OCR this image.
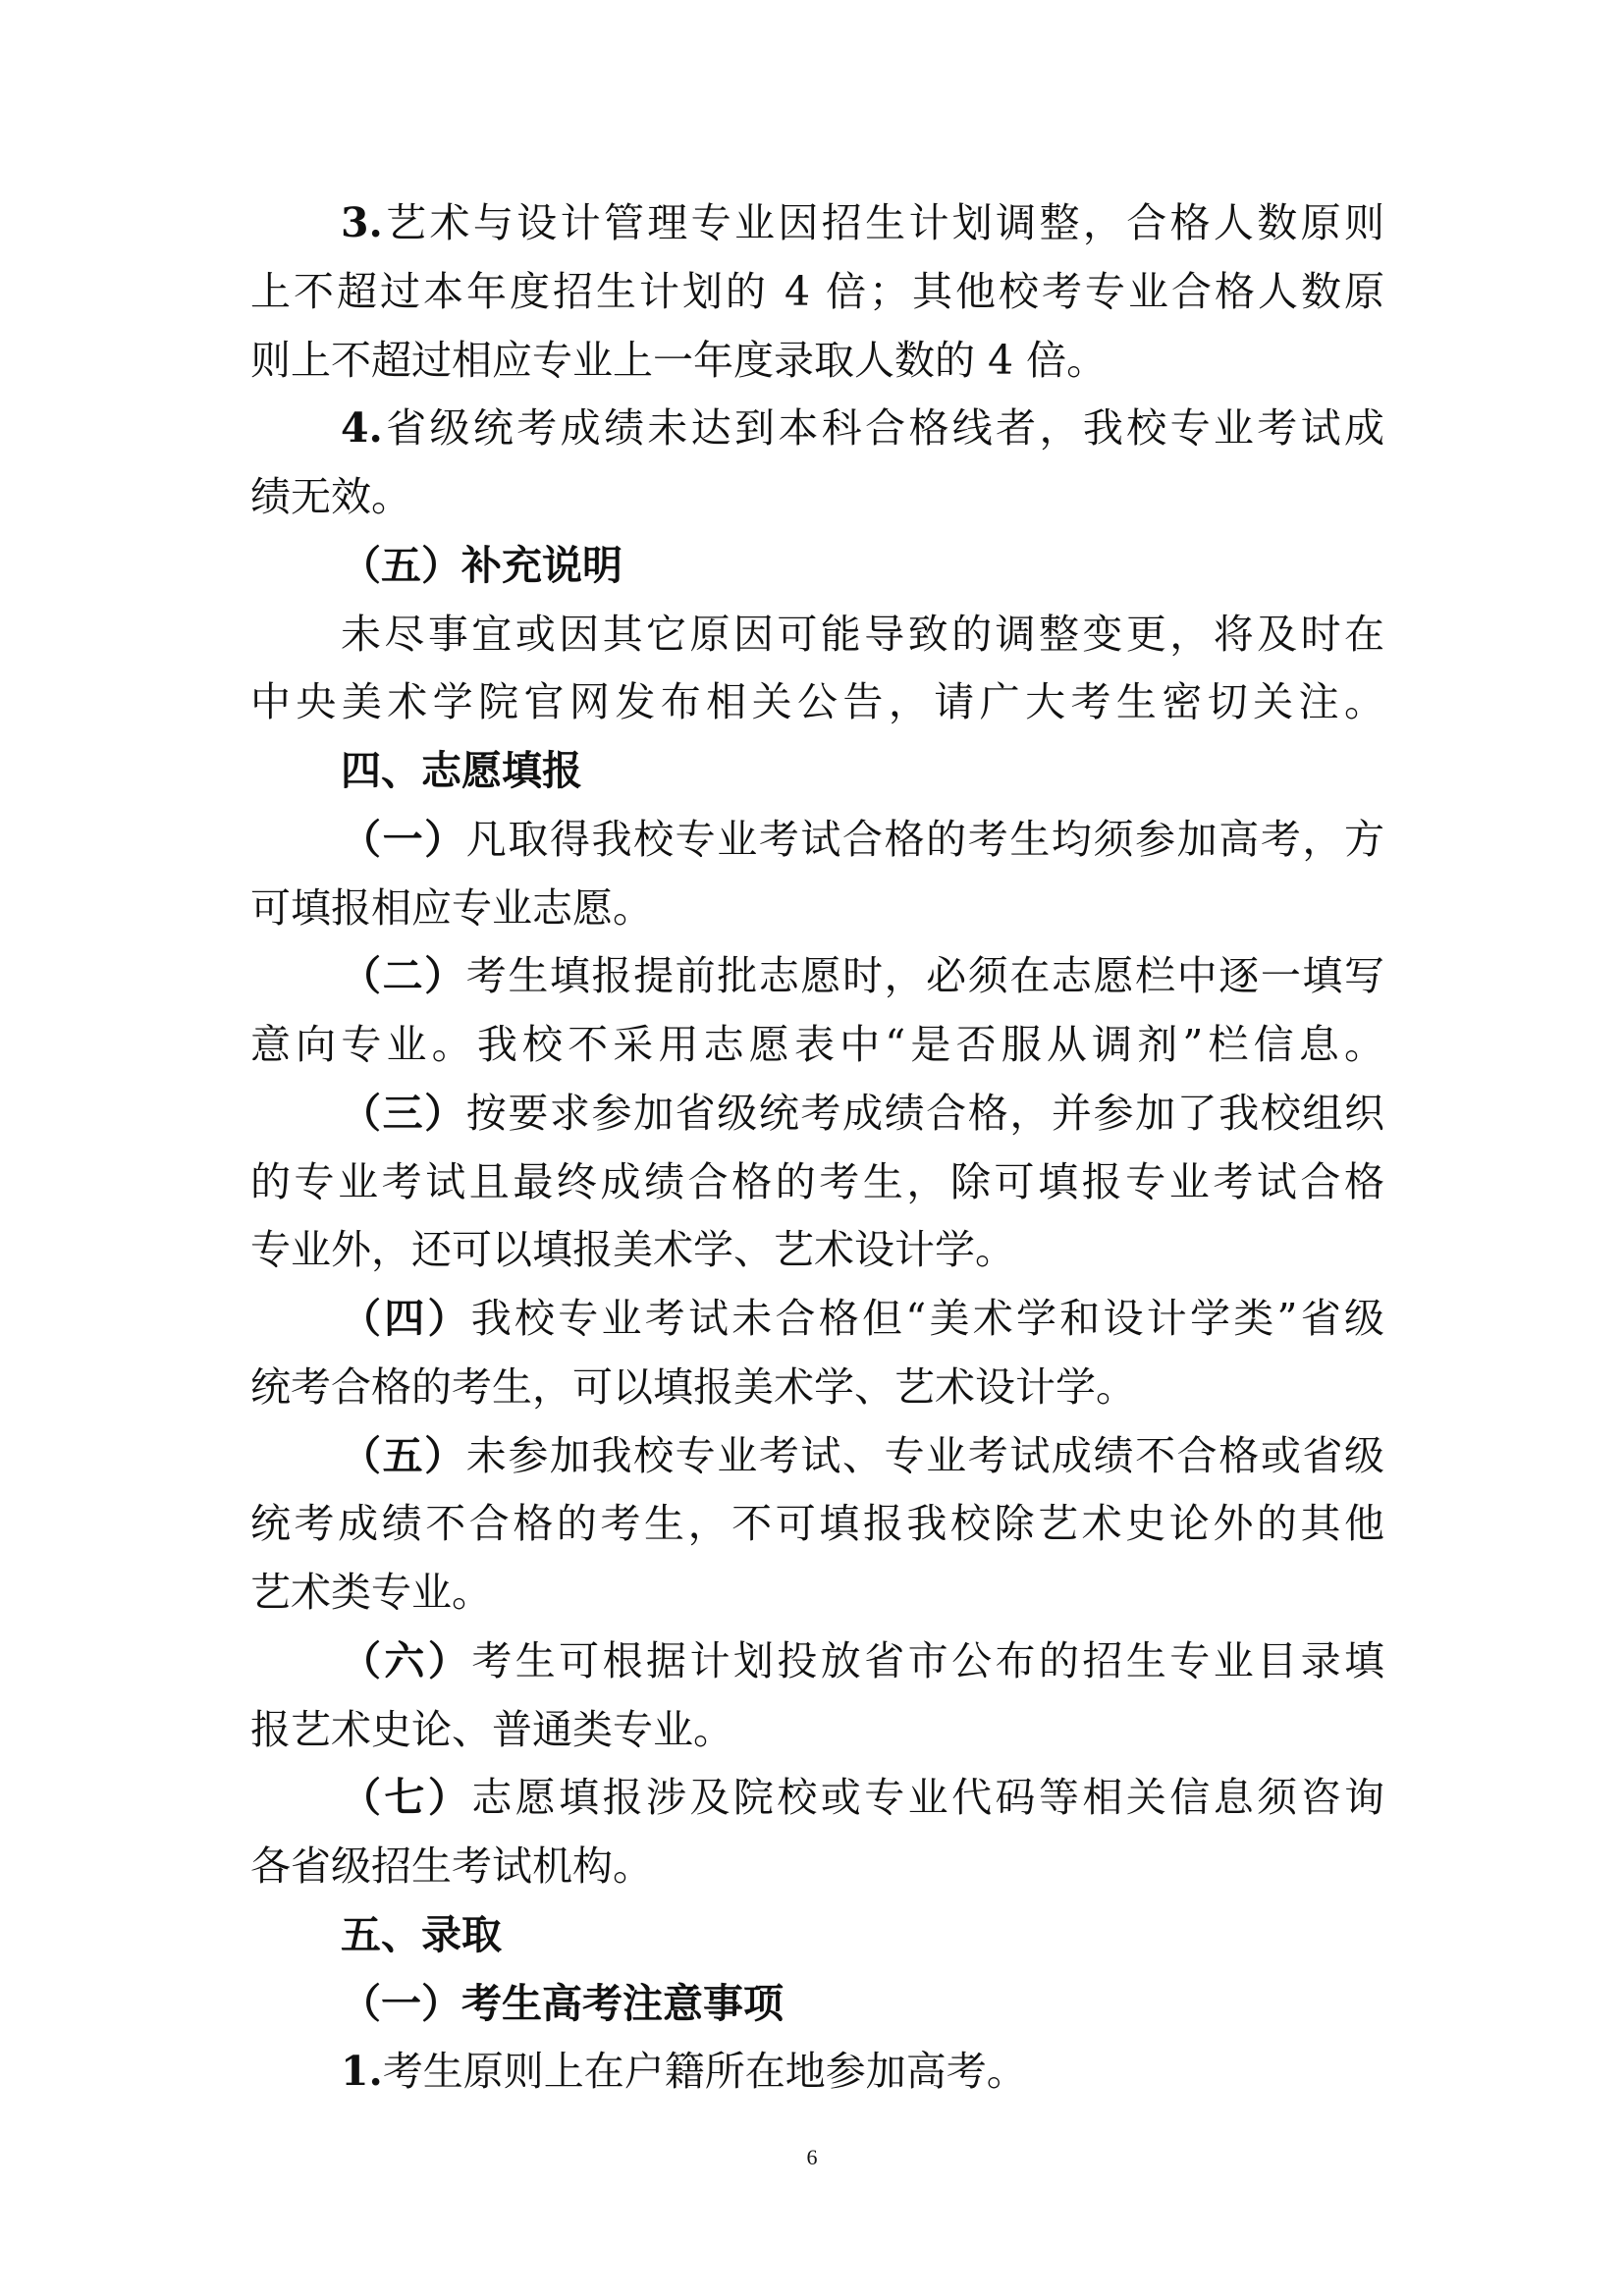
3.艺术与设计管理专业因招生计划调整，合格人数原则
上不超过本年度招生计划的 4 倍；其他校考专业合格人数原
则上不超过相应专业上一年度录取人数的 4 倍。
4.省级统考成绩未达到本科合格线者，我校专业考试成
绩无效。
（五）补充说明
未尽事宜或因其它原因可能导致的调整变更，将及时在
中央美术学院官网发布相关公告，请广大考生密切关注。
四、志愿填报
（一）凡取得我校专业考试合格的考生均须参加高考，方
可填报相应专业志愿。
（二）考生填报提前批志愿时，必须在志愿栏中逐一填写
意向专业。我校不采用志愿表中“是否服从调剂”栏信息。
（三）按要求参加省级统考成绩合格，并参加了我校组织
的专业考试且最终成绩合格的考生，除可填报专业考试合格
专业外，还可以填报美术学、艺术设计学。
（四）我校专业考试未合格但“美术学和设计学类”省级
统考合格的考生，可以填报美术学、艺术设计学。
（五）未参加我校专业考试、专业考试成绩不合格或省级
统考成绩不合格的考生，不可填报我校除艺术史论外的其他
艺术类专业。
（六）考生可根据计划投放省市公布的招生专业目录填
报艺术史论、普通类专业。
（七）志愿填报涉及院校或专业代码等相关信息须咨询
各省级招生考试机构。
五、录取
（一）考生高考注意事项
1.考生原则上在户籍所在地参加高考。
6
